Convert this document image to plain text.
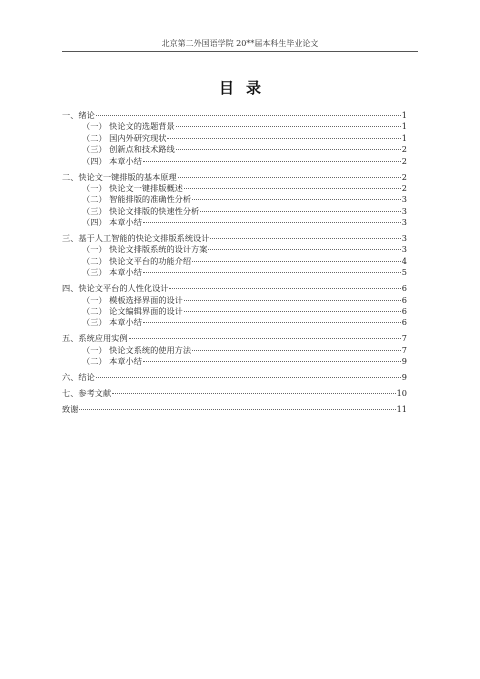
北京第二外国语学院 20**届本科生毕业论文
目录
一、绪论	1
（一） 快论文的选题背景	1
（二） 国内外研究现状	1
（三） 创新点和技术路线	2
（四） 本章小结	2
二、快论文一键排版的基本原理	2
（一） 快论文一键排版概述	2
（二） 智能排版的准确性分析	3
（三） 快论文排版的快速性分析	3
（四） 本章小结	3
三、基于人工智能的快论文排版系统设计	3
（一） 快论文排版系统的设计方案	3
（二） 快论文平台的功能介绍	4
（三） 本章小结	5
四、快论文平台的人性化设计	6
（一） 模板选择界面的设计	6
（二） 论文编辑界面的设计	6
（三） 本章小结	6
五、系统应用实例	7
（一） 快论文系统的使用方法	7
（二） 本章小结	9
六、结论	9
七、参考文献	10
致谢	11
